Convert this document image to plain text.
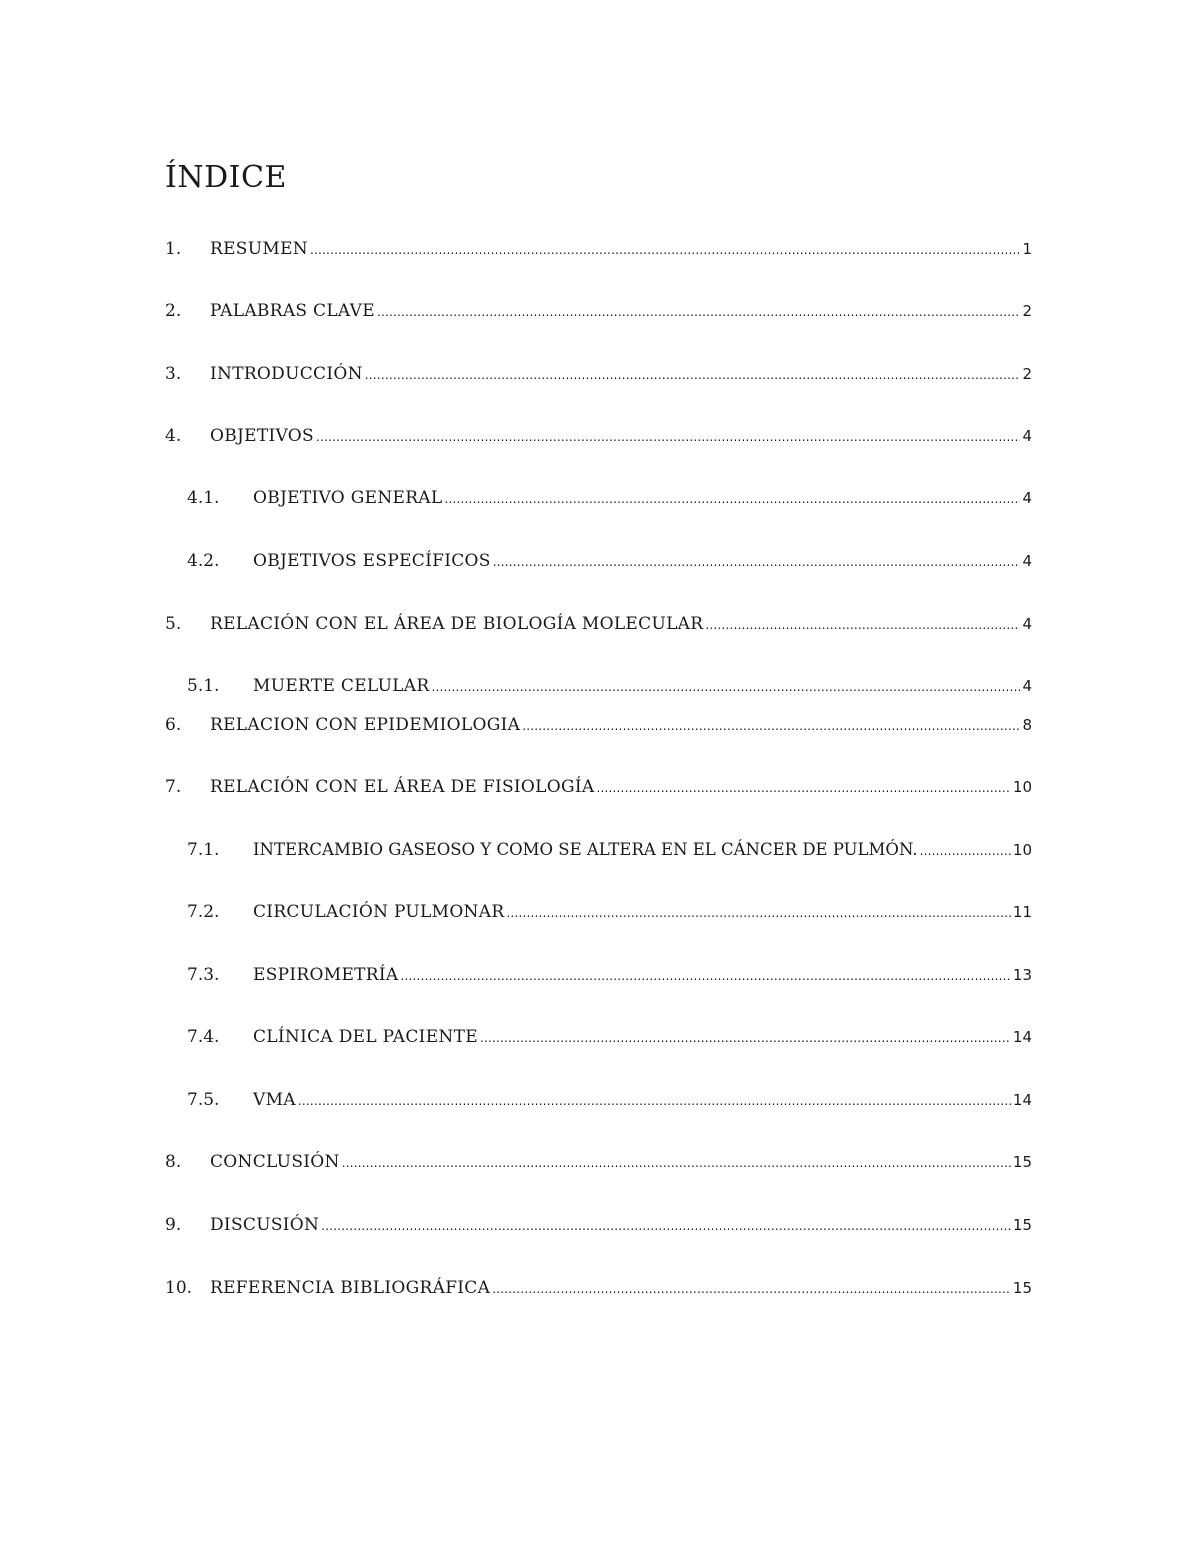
ÍNDICE
1.	RESUMEN .....	1
2.	PALABRAS CLAVE .....	2
3.	INTRODUCCIÓN .....	2
4.	OBJETIVOS .....	4
4.1.	OBJETIVO GENERAL .....	4
4.2.	OBJETIVOS ESPECÍFICOS .....	4
5.	RELACIÓN CON EL ÁREA DE BIOLOGÍA MOLECULAR .....	4
5.1.	MUERTE CELULAR .....	4
6.	RELACION CON EPIDEMIOLOGIA .....	8
7.	RELACIÓN CON EL ÁREA DE FISIOLOGÍA .....	10
7.1.	INTERCAMBIO GASEOSO Y COMO SE ALTERA EN EL CÁNCER DE PULMÓN. .....	10
7.2.	CIRCULACIÓN PULMONAR .....	11
7.3.	ESPIROMETRÍA .....	13
7.4.	CLÍNICA DEL PACIENTE .....	14
7.5.	VMA .....	14
8.	CONCLUSIÓN .....	15
9.	DISCUSIÓN .....	15
10.	REFERENCIA BIBLIOGRÁFICA .....	15
